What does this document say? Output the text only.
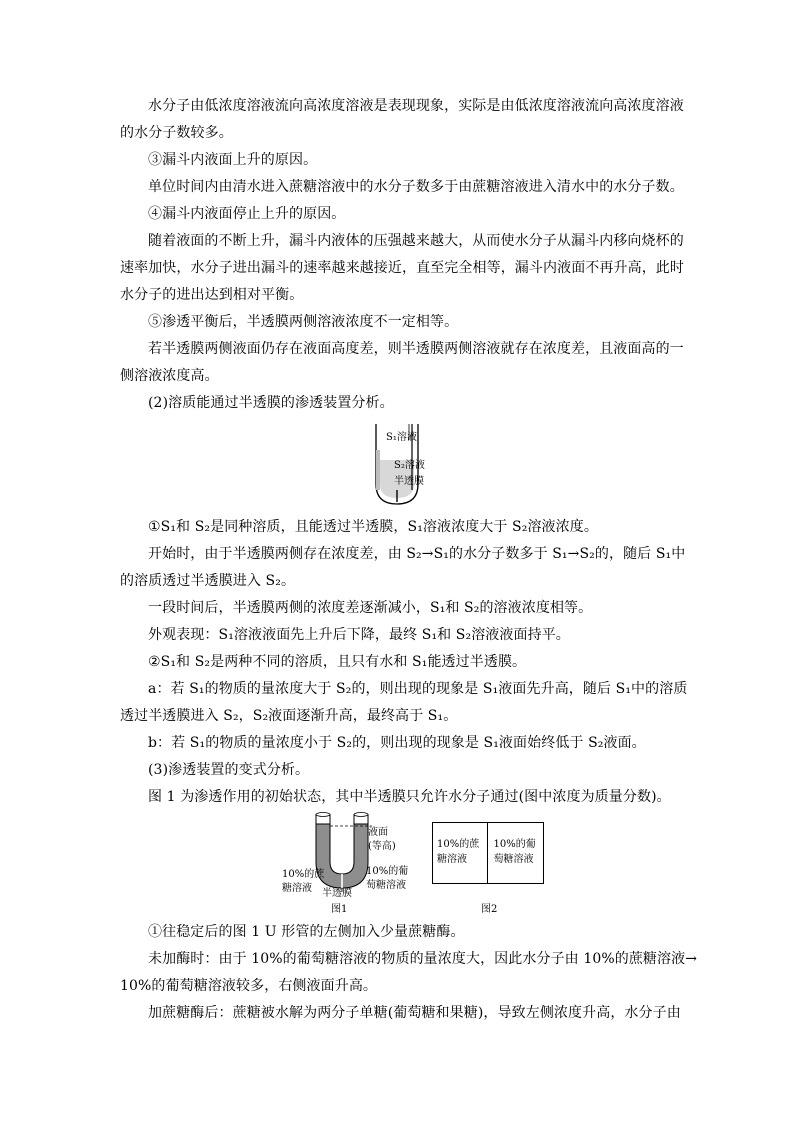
水分子由低浓度溶液流向高浓度溶液是表现现象，实际是由低浓度溶液流向高浓度溶液
的水分子数较多。
③漏斗内液面上升的原因。
单位时间内由清水进入蔗糖溶液中的水分子数多于由蔗糖溶液进入清水中的水分子数。
④漏斗内液面停止上升的原因。
随着液面的不断上升，漏斗内液体的压强越来越大，从而使水分子从漏斗内移向烧杯的
速率加快，水分子进出漏斗的速率越来越接近，直至完全相等，漏斗内液面不再升高，此时
水分子的进出达到相对平衡。
⑤渗透平衡后，半透膜两侧溶液浓度不一定相等。
若半透膜两侧液面仍存在液面高度差，则半透膜两侧溶液就存在浓度差，且液面高的一
侧溶液浓度高。
(2)溶质能通过半透膜的渗透装置分析。
S₁溶液
S₂溶液
半透膜
①S₁和 S₂是同种溶质，且能透过半透膜，S₁溶液浓度大于 S₂溶液浓度。
开始时，由于半透膜两侧存在浓度差，由 S₂→S₁的水分子数多于 S₁→S₂的，随后 S₁中
的溶质透过半透膜进入 S₂。
一段时间后，半透膜两侧的浓度差逐渐减小，S₁和 S₂的溶液浓度相等。
外观表现：S₁溶液液面先上升后下降，最终 S₁和 S₂溶液液面持平。
②S₁和 S₂是两种不同的溶质，且只有水和 S₁能透过半透膜。
a：若 S₁的物质的量浓度大于 S₂的，则出现的现象是 S₁液面先升高，随后 S₁中的溶质
透过半透膜进入 S₂，S₂液面逐渐升高，最终高于 S₁。
b：若 S₁的物质的量浓度小于 S₂的，则出现的现象是 S₁液面始终低于 S₂液面。
(3)渗透装置的变式分析。
图 1 为渗透作用的初始状态，其中半透膜只允许水分子通过(图中浓度为质量分数)。
液面
(等高)
10%的蔗
糖溶液
10%的葡
萄糖溶液
半透膜
图1
10%的蔗
糖溶液
10%的葡
萄糖溶液
图2
①往稳定后的图 1 U 形管的左侧加入少量蔗糖酶。
未加酶时：由于 10%的葡萄糖溶液的物质的量浓度大，因此水分子由 10%的蔗糖溶液→
10%的葡萄糖溶液较多，右侧液面升高。
加蔗糖酶后：蔗糖被水解为两分子单糖(葡萄糖和果糖)，导致左侧浓度升高，水分子由
